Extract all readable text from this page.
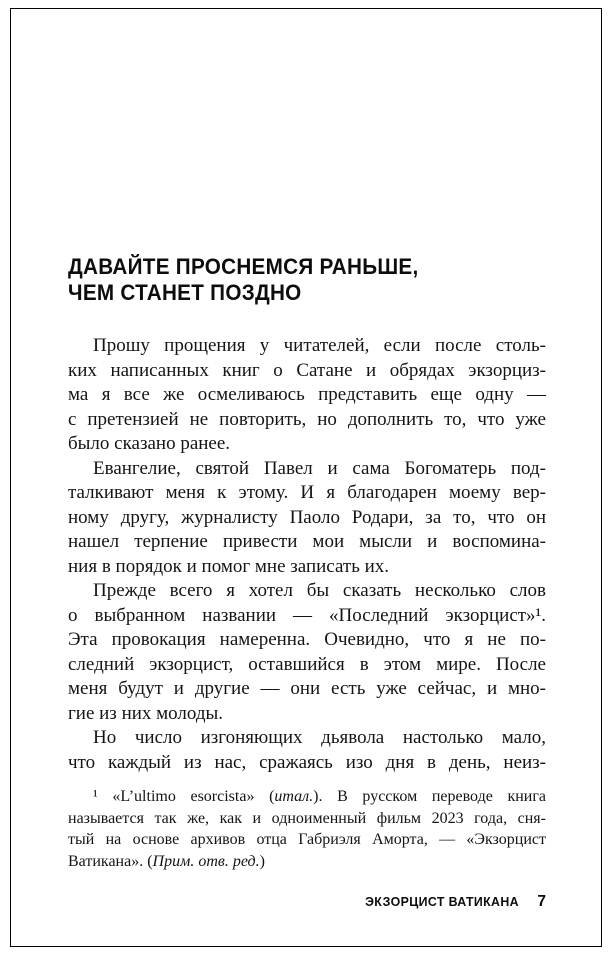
ДАВАЙТЕ ПРОСНЕМСЯ РАНЬШЕ,
ЧЕМ СТАНЕТ ПОЗДНО
Прошу прощения у читателей, если после столь-
ких написанных книг о Сатане и обрядах экзорциз-
ма я все же осмеливаюсь представить еще одну —
с претензией не повторить, но дополнить то, что уже
было сказано ранее.
Евангелие, святой Павел и сама Богоматерь под-
талкивают меня к этому. И я благодарен моему вер-
ному другу, журналисту Паоло Родари, за то, что он
нашел терпение привести мои мысли и воспомина-
ния в порядок и помог мне записать их.
Прежде всего я хотел бы сказать несколько слов
о выбранном названии — «Последний экзорцист»¹.
Эта провокация намеренна. Очевидно, что я не по-
следний экзорцист, оставшийся в этом мире. После
меня будут и другие — они есть уже сейчас, и мно-
гие из них молоды.
Но число изгоняющих дьявола настолько мало,
что каждый из нас, сражаясь изо дня в день, неиз-
¹ «L’ultimo esorcista» (итал.). В русском переводе книга
называется так же, как и одноименный фильм 2023 года, сня-
тый на основе архивов отца Габриэля Аморта, — «Экзорцист
Ватикана». (Прим. отв. ред.)
ЭКЗОРЦИСТ ВАТИКАНА 7
